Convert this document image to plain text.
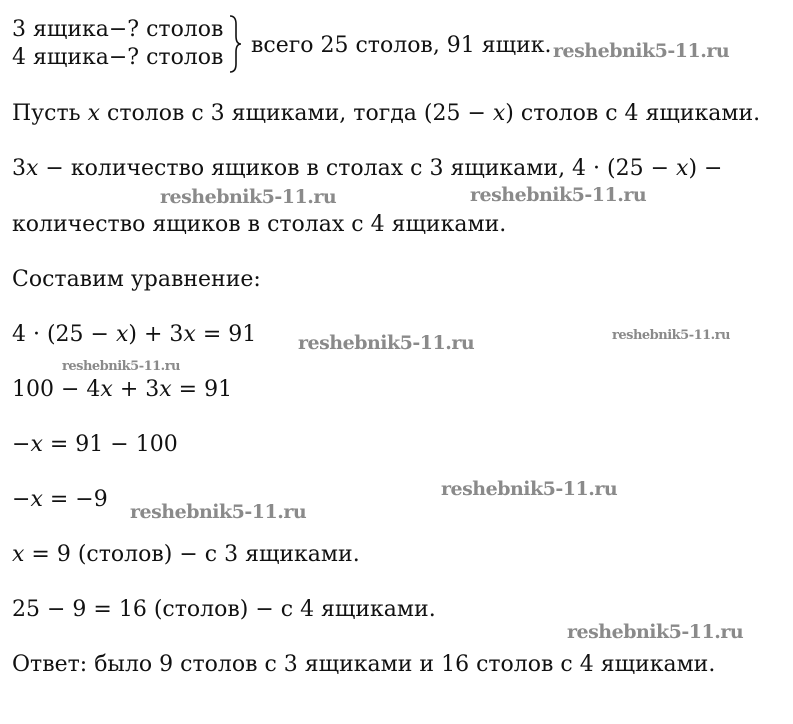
3 ящика−? столов
4 ящика−? столов всего 25 столов, 91 ящик.
Пусть x столов с 3 ящиками, тогда (25 − x) столов с 4 ящиками.
3x − количество ящиков в столах с 3 ящиками, 4 · (25 − x) −
количество ящиков в столах с 4 ящиками.
Составим уравнение:
4 · (25 − x) + 3x = 91
100 − 4x + 3x = 91
−x = 91 − 100
−x = −9
x = 9 (столов) − с 3 ящиками.
25 − 9 = 16 (столов) − с 4 ящиками.
Ответ: было 9 столов с 3 ящиками и 16 столов с 4 ящиками.
reshebnik5-11.ru
reshebnik5-11.ru	reshebnik5-11.ru
reshebnik5-11.ru	reshebnik5-11.ru
reshebnik5-11.ru
reshebnik5-11.ru
reshebnik5-11.ru
reshebnik5-11.ru
